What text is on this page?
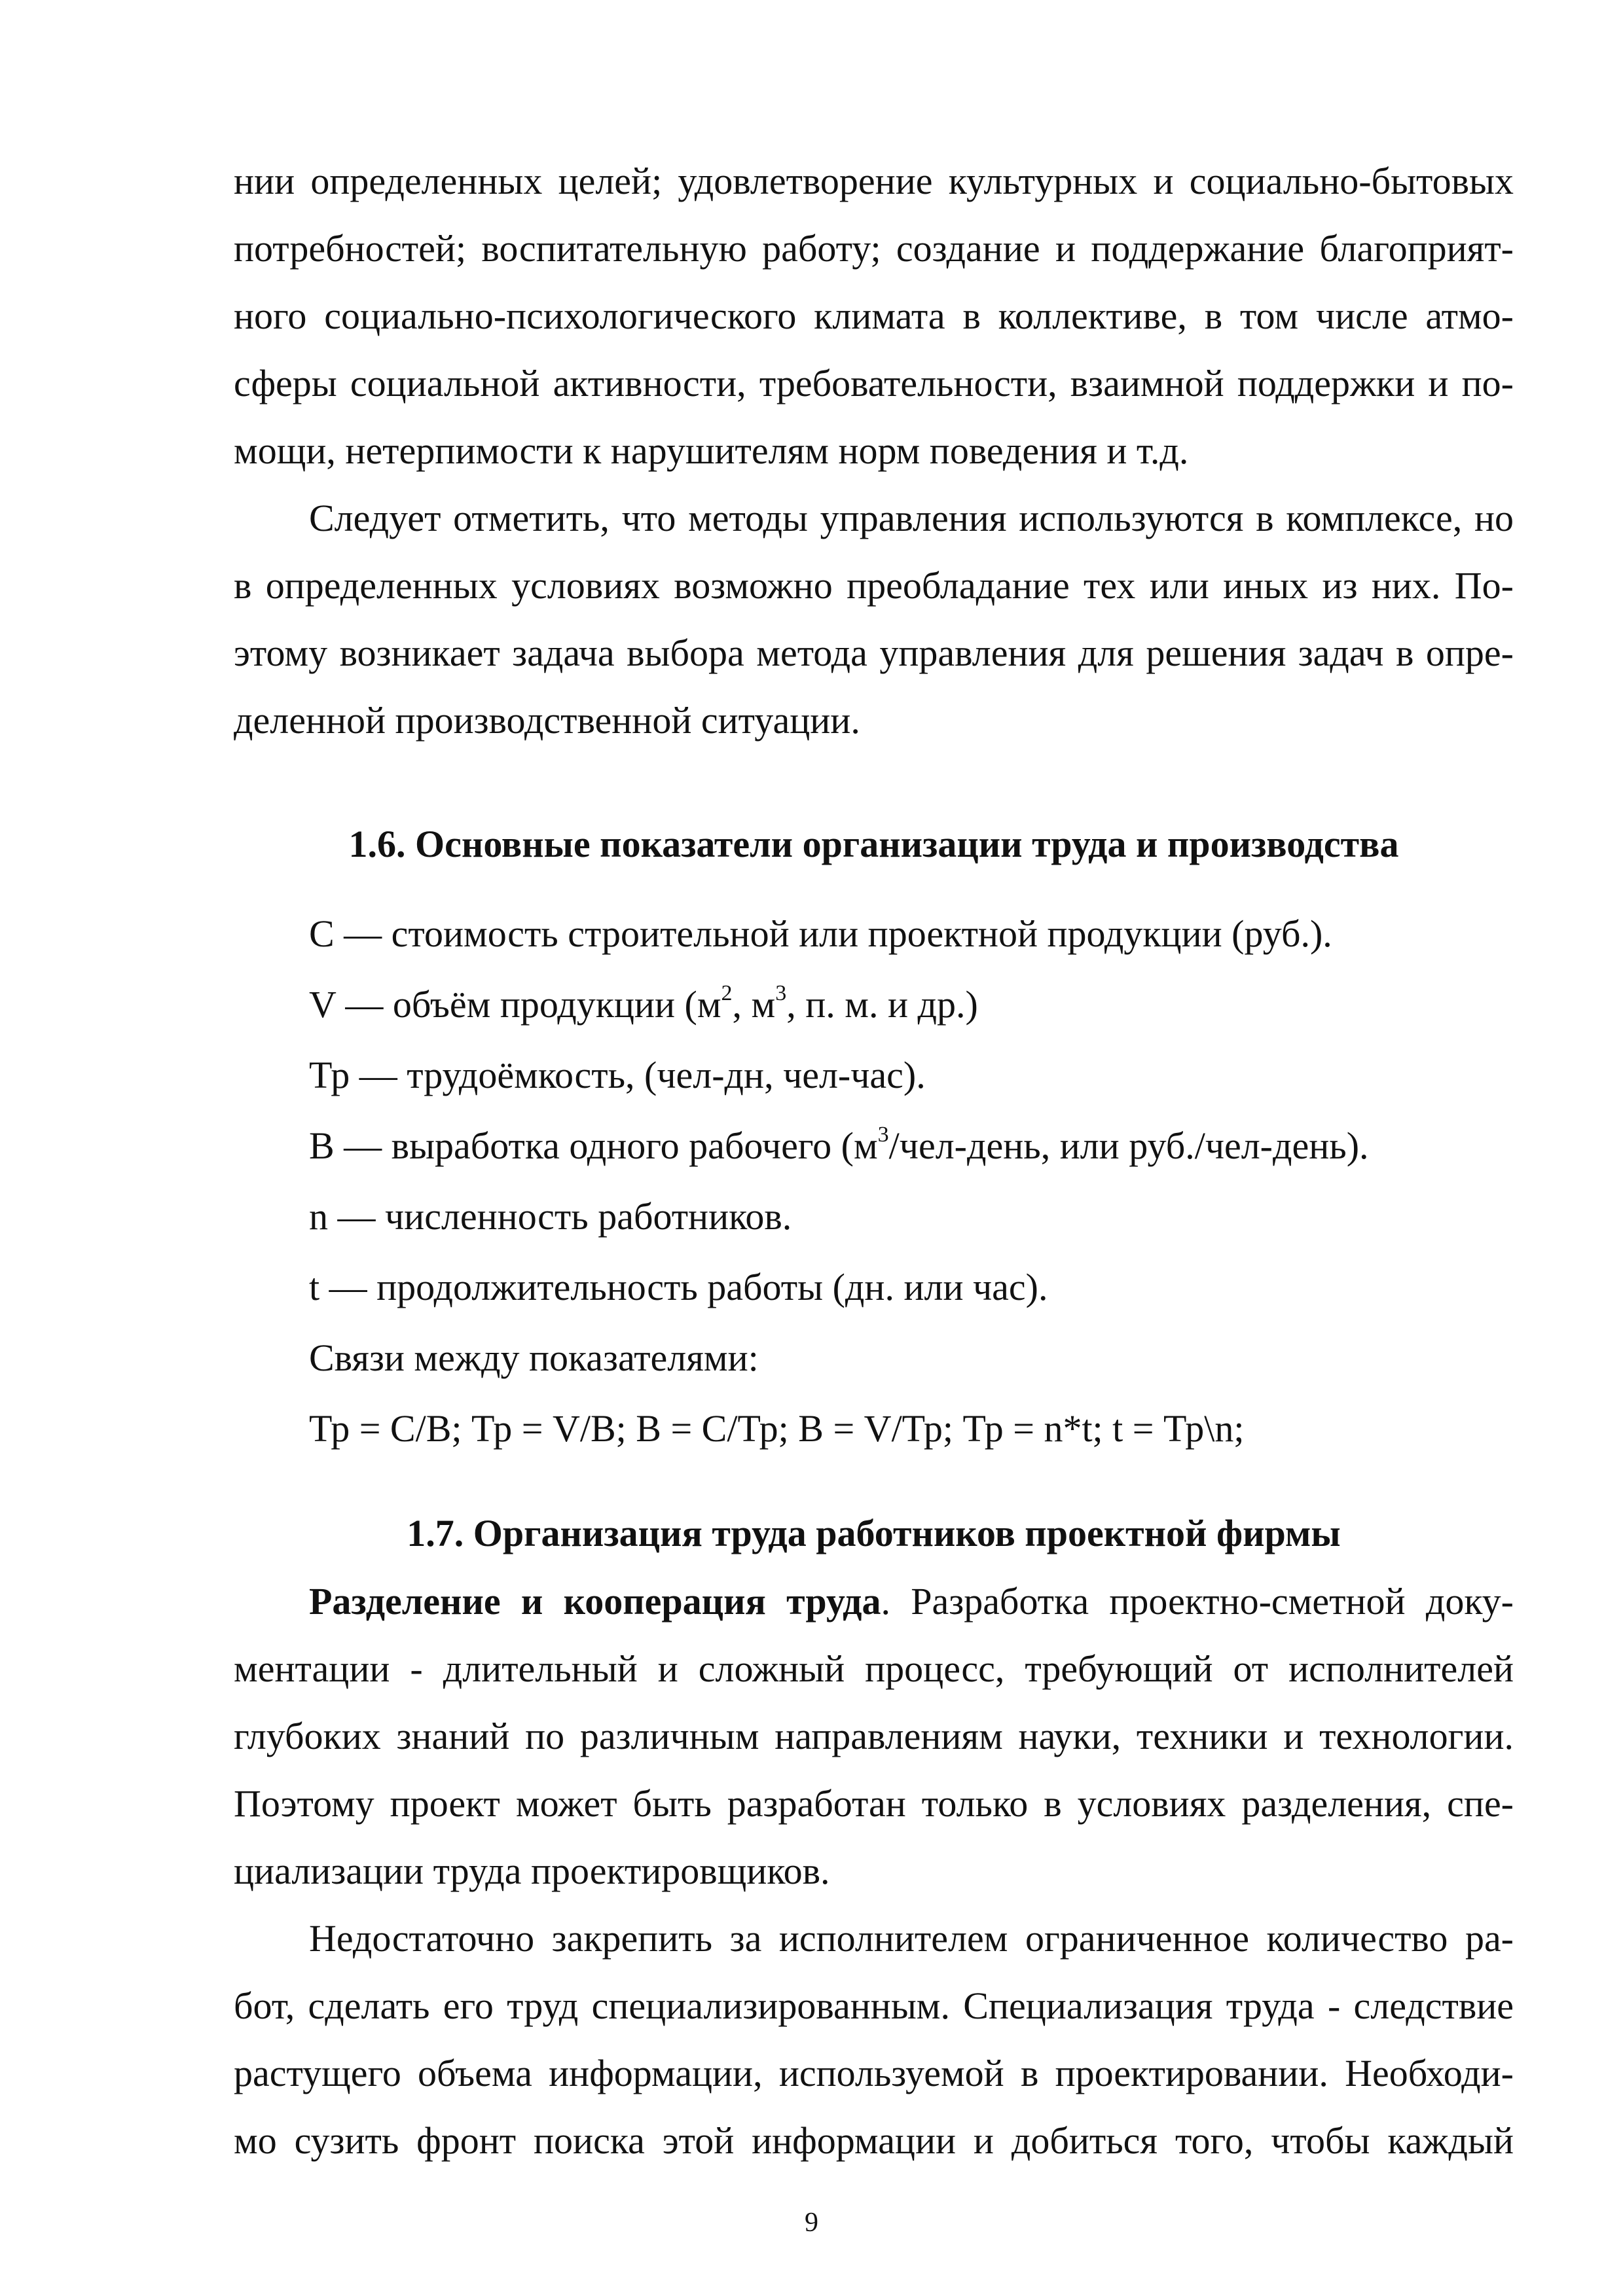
нии определенных целей; удовлетворение культурных и социально-бытовых
потребностей; воспитательную работу; создание и поддержание благоприят-
ного социально-психологического климата в коллективе, в том числе атмо-
сферы социальной активности, требовательности, взаимной поддержки и по-
мощи, нетерпимости к нарушителям норм поведения и т.д.
Следует отметить, что методы управления используются в комплексе, но
в определенных условиях возможно преобладание тех или иных из них. По-
этому возникает задача выбора метода управления для решения задач в опре-
деленной производственной ситуации.
1.6. Основные показатели организации труда и производства
С — стоимость строительной или проектной продукции (руб.).
V — объём продукции ($м^2$, $м^3$, п. м. и др.)
Тр — трудоёмкость, (чел-дн, чел-час).
В — выработка одного рабочего ($м^3/чел$-день, или руб./чел-день).
n — численность работников.
t — продолжительность работы (дн. или час).
Связи между показателями:
Тр = С/В; Тр = V/В; В = С/Тр; В = V/Тр; Тр = n*t; t = Тр\n;
1.7. Организация труда работников проектной фирмы
Разделение и кооперация труда. Разработка проектно-сметной доку-
ментации - длительный и сложный процесс, требующий от исполнителей
глубоких знаний по различным направлениям науки, техники и технологии.
Поэтому проект может быть разработан только в условиях разделения, спе-
циализации труда проектировщиков.
Недостаточно закрепить за исполнителем ограниченное количество ра-
бот, сделать его труд специализированным. Специализация труда - следствие
растущего объема информации, используемой в проектировании. Необходи-
мо сузить фронт поиска этой информации и добиться того, чтобы каждый
9
